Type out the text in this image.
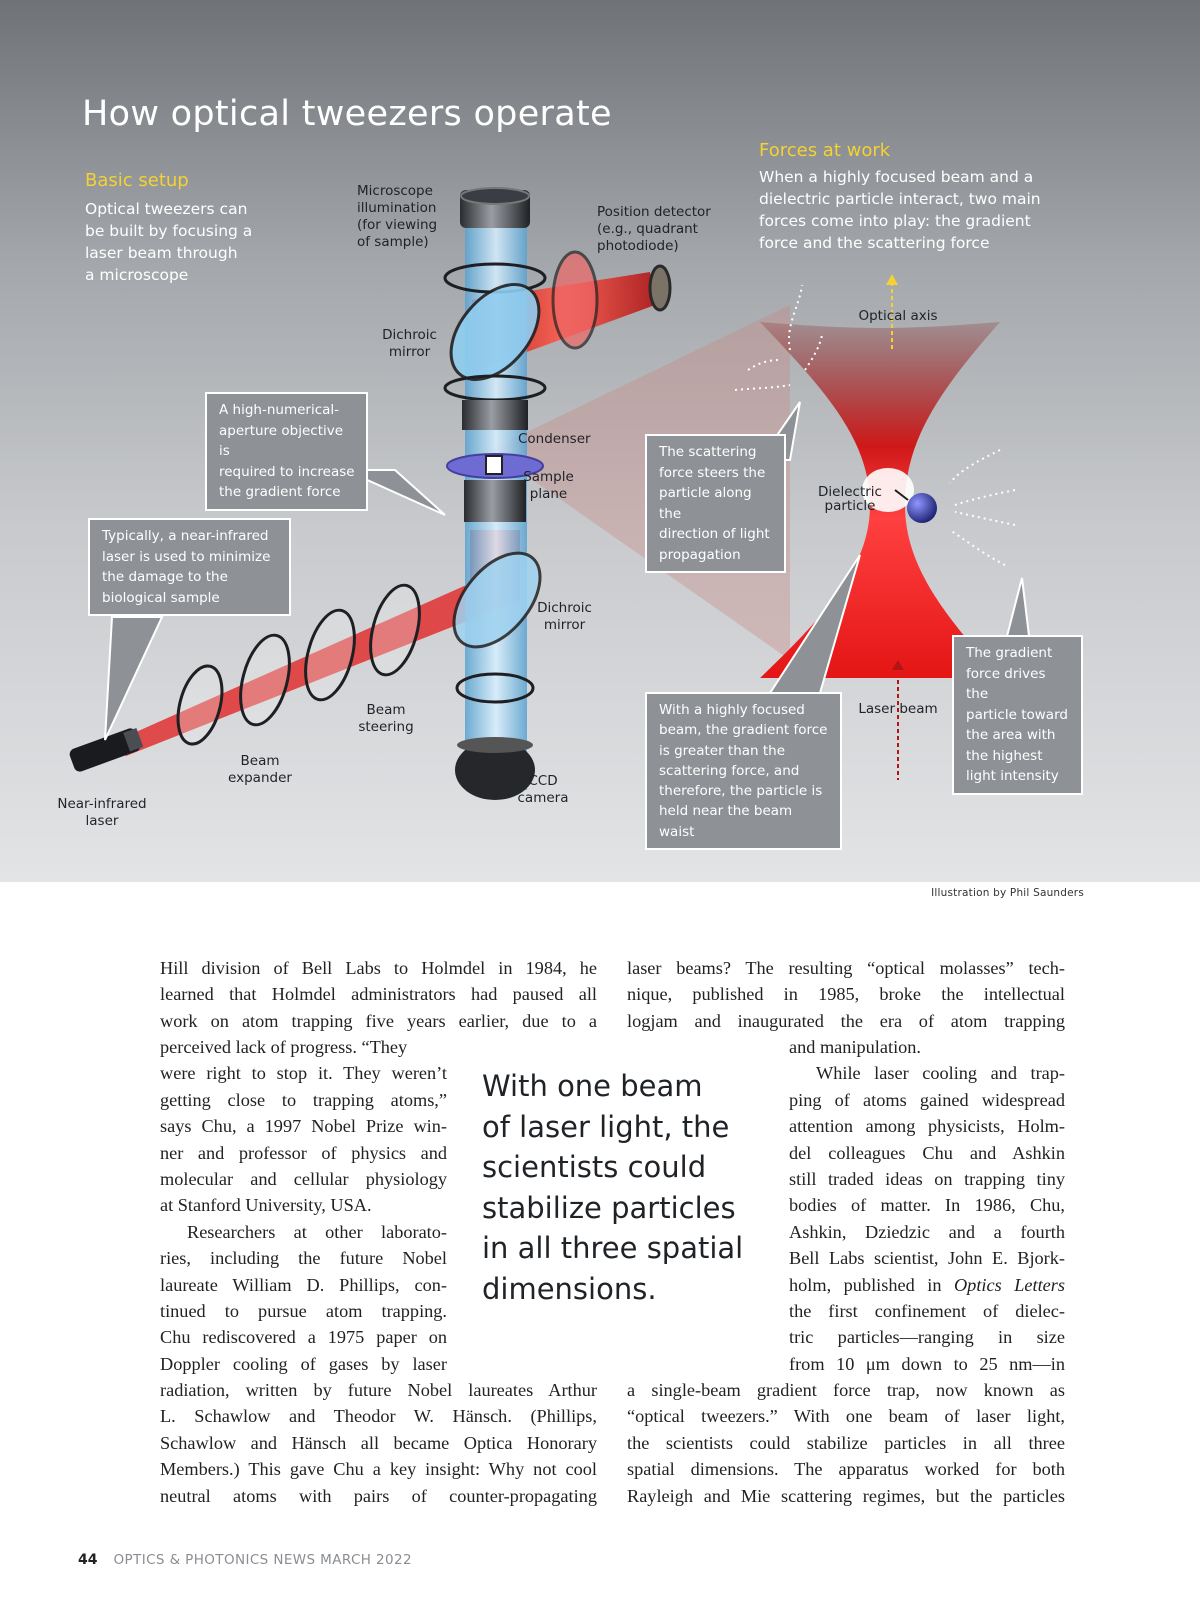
How optical tweezers operate
Basic setup
Optical tweezers can
be built by focusing a
laser beam through
a microscope
Forces at work
When a highly focused beam and a
dielectric particle interact, two main
forces come into play: the gradient
force and the scattering force
Microscope
illumination
(for viewing
of sample)
Position detector
(e.g., quadrant
photodiode)
Dichroic
mirror
Condenser
Sample
plane
Dichroic
mirror
Beam
steering
Beam
expander	CCD
camera
Near-infrared
laser
Optical axis
Dielectric
particle
Laser beam
A high-numerical-
aperture objective is
required to increase
the gradient force
Typically, a near-infrared
laser is used to minimize
the damage to the
biological sample
The scattering
force steers the
particle along the
direction of light
propagation
With a highly focused
beam, the gradient force
is greater than the
scattering force, and
therefore, the particle is
held near the beam waist
The gradient
force drives the
particle toward
the area with
the highest
light intensity
Illustration by Phil Saunders
Hill division of Bell Labs to Holmdel in 1984, he
learned that Holmdel administrators had paused all
work on atom trapping five years earlier, due to a
perceived lack of progress. “They
were right to stop it. They weren’t
getting close to trapping atoms,”
says Chu, a 1997 Nobel Prize win-
ner and professor of physics and
molecular and cellular physiology
at Stanford University, USA.
Researchers at other laborato-
ries, including the future Nobel
laureate William D. Phillips, con-
tinued to pursue atom trapping.
Chu rediscovered a 1975 paper on
Doppler cooling of gases by laser
radiation, written by future Nobel laureates Arthur
L. Schawlow and Theodor W. Hänsch. (Phillips,
Schawlow and Hänsch all became Optica Honorary
Members.) This gave Chu a key insight: Why not cool
neutral atoms with pairs of counter-propagating
laser beams? The resulting “optical molasses” tech-
nique, published in 1985, broke the intellectual
logjam and inaugurated the era of atom trapping
and manipulation.
While laser cooling and trap-
ping of atoms gained widespread
attention among physicists, Holm-
del colleagues Chu and Ashkin
still traded ideas on trapping tiny
bodies of matter. In 1986, Chu,
Ashkin, Dziedzic and a fourth
Bell Labs scientist, John E. Bjork-
holm, published in Optics Letters
the first confinement of dielec-
tric particles—ranging in size
from 10 μm down to 25 nm—in
a single-beam gradient force trap, now known as
“optical tweezers.” With one beam of laser light,
the scientists could stabilize particles in all three
spatial dimensions. The apparatus worked for both
Rayleigh and Mie scattering regimes, but the particles
With one beam
of laser light, the
scientists could
stabilize particles
in all three spatial
dimensions.
44 OPTICS & PHOTONICS NEWS MARCH 2022
